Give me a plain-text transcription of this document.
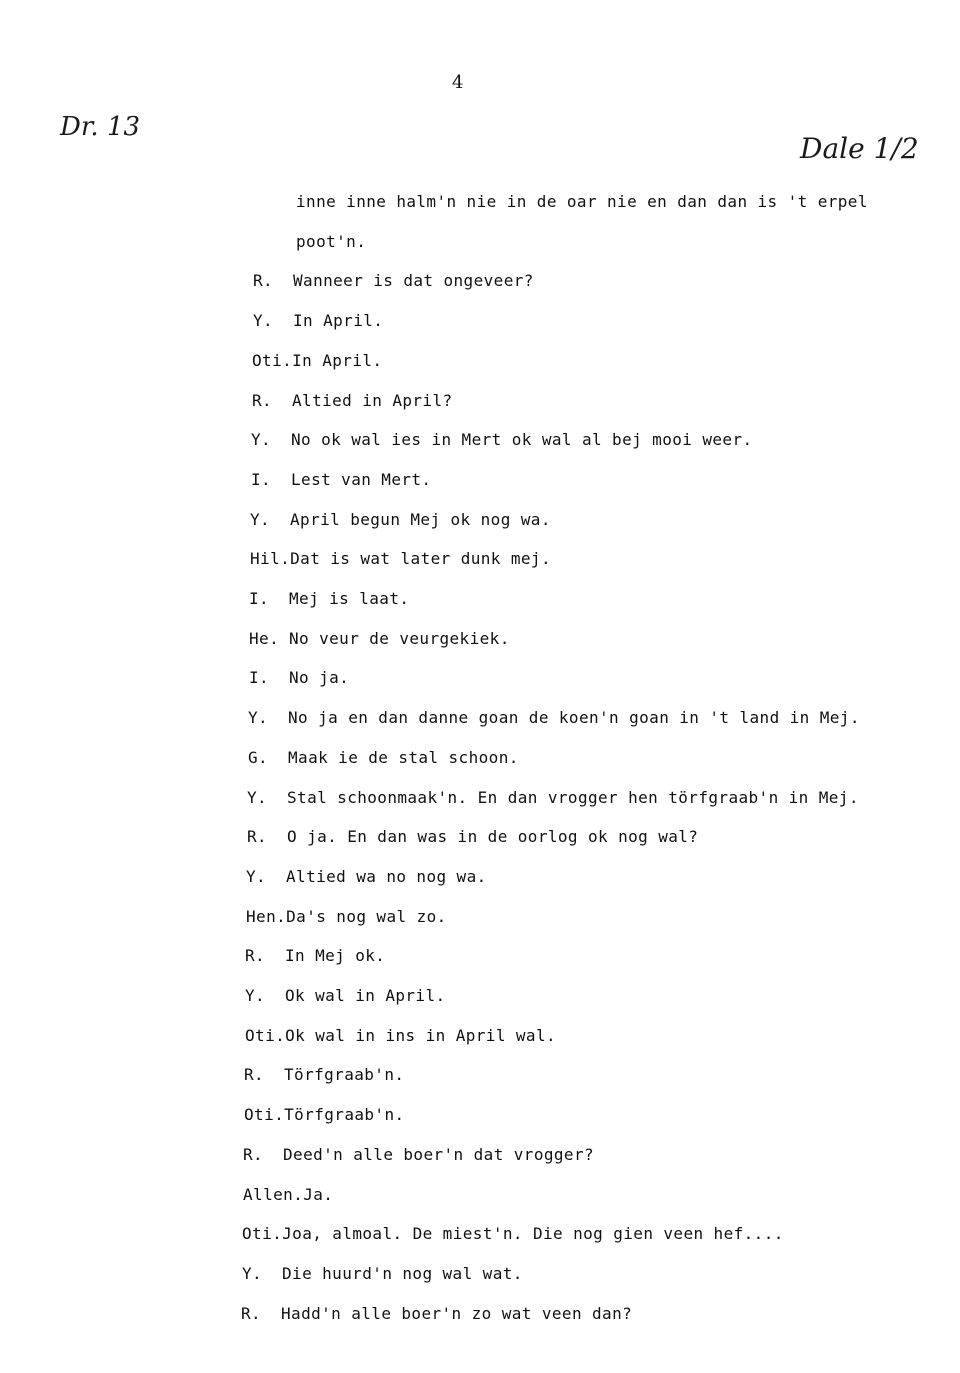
4
Dr. 13
Dale 1/2
inne inne halm'n nie in de oar nie en dan dan is 't erpel
poot'n.
R. Wanneer is dat ongeveer?
Y. In April.
Oti.In April.
R. Altied in April?
Y. No ok wal ies in Mert ok wal al bej mooi weer.
I. Lest van Mert.
Y. April begun Mej ok nog wa.
Hil.Dat is wat later dunk mej.
I. Mej is laat.
He. No veur de veurgekiek.
I. No ja.
Y. No ja en dan danne goan de koen'n goan in 't land in Mej.
G. Maak ie de stal schoon.
Y. Stal schoonmaak'n. En dan vrogger hen törfgraab'n in Mej.
R. O ja. En dan was in de oorlog ok nog wal?
Y. Altied wa no nog wa.
Hen.Da's nog wal zo.
R. In Mej ok.
Y. Ok wal in April.
Oti.Ok wal in ins in April wal.
R. Törfgraab'n.
Oti.Törfgraab'n.
R. Deed'n alle boer'n dat vrogger?
Allen.Ja.
Oti.Joa, almoal. De miest'n. Die nog gien veen hef....
Y. Die huurd'n nog wal wat.
R. Hadd'n alle boer'n zo wat veen dan?
